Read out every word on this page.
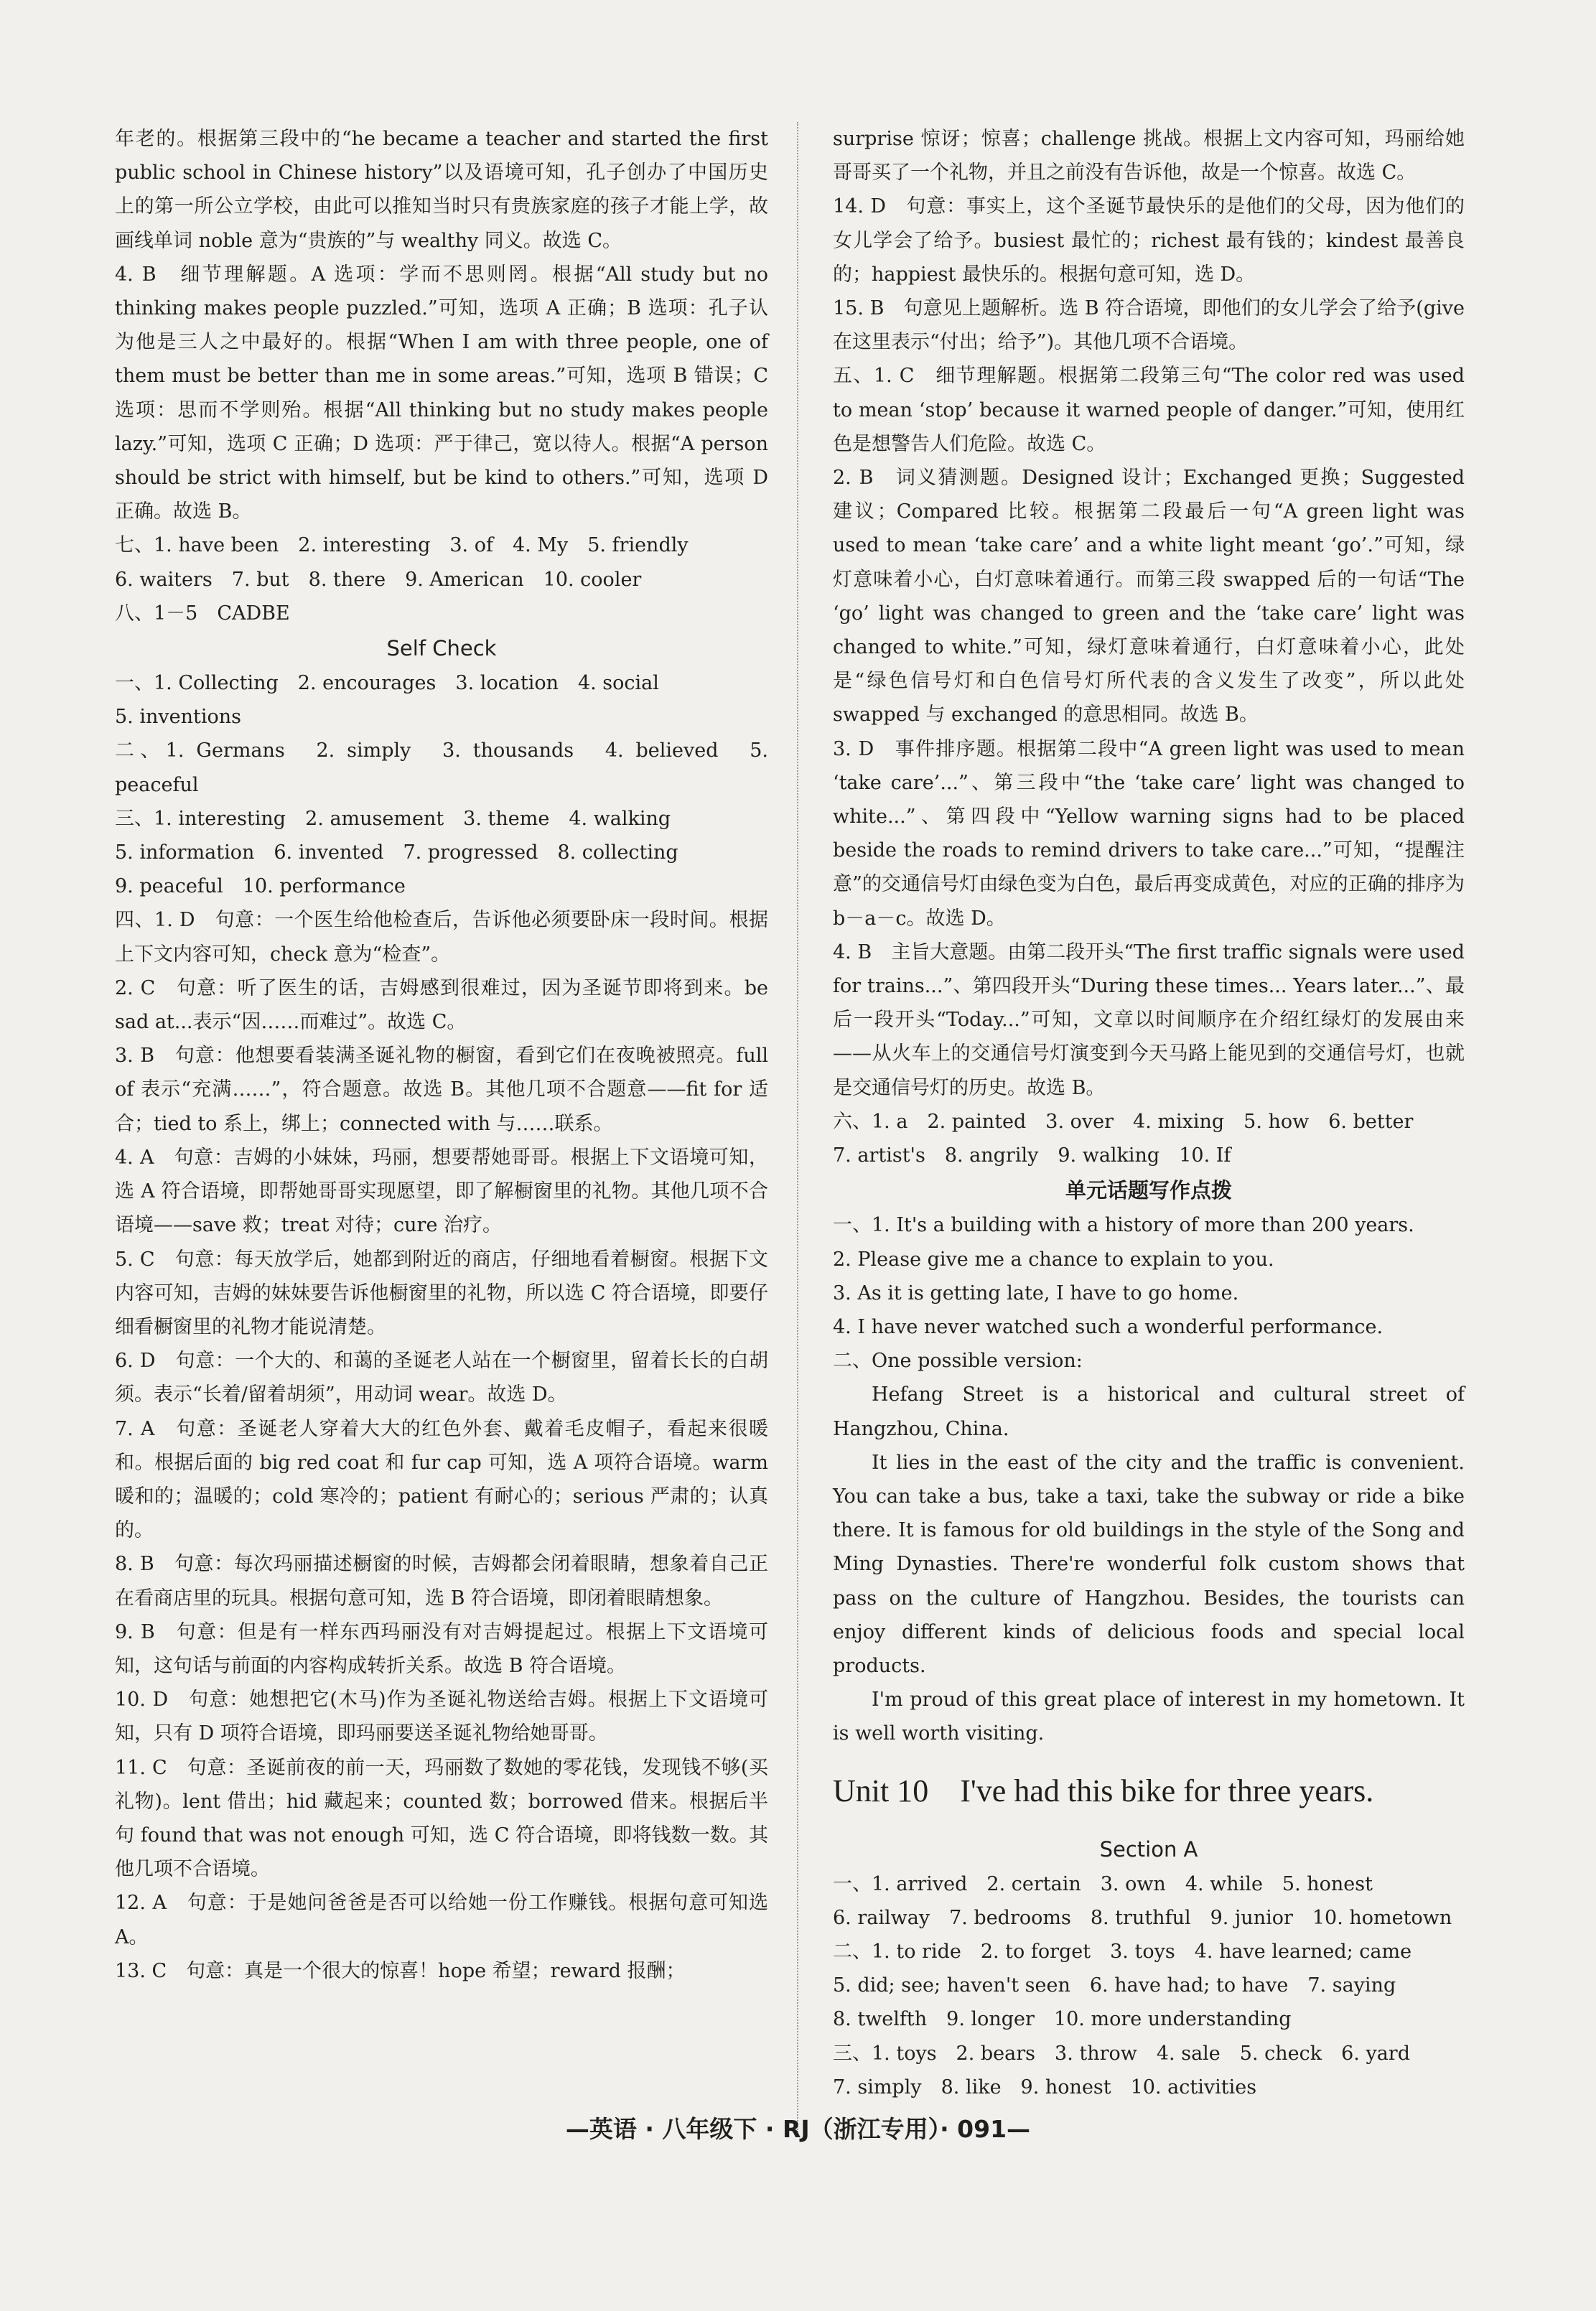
年老的。根据第三段中的“he became a teacher and started the first public school in Chinese history”以及语境可知，孔子创办了中国历史上的第一所公立学校，由此可以推知当时只有贵族家庭的孩子才能上学，故画线单词 noble 意为“贵族的”与 wealthy 同义。故选 C。

4. B　细节理解题。A 选项：学而不思则罔。根据“All study but no thinking makes people puzzled.”可知，选项 A 正确；B 选项：孔子认为他是三人之中最好的。根据“When I am with three people, one of them must be better than me in some areas.”可知，选项 B 错误；C 选项：思而不学则殆。根据“All thinking but no study makes people lazy.”可知，选项 C 正确；D 选项：严于律己，宽以待人。根据“A person should be strict with himself, but be kind to others.”可知，选项 D 正确。故选 B。

七、1. have been　2. interesting　3. of　4. My　5. friendly

6. waiters　7. but　8. there　9. American　10. cooler

八、1－5　CADBE

Self Check

一、1. Collecting　2. encourages　3. location　4. social

5. inventions

二、1. Germans　2. simply　3. thousands　4. believed　5. peaceful

三、1. interesting　2. amusement　3. theme　4. walking

5. information　6. invented　7. progressed　8. collecting

9. peaceful　10. performance

四、1. D　句意：一个医生给他检查后，告诉他必须要卧床一段时间。根据上下文内容可知，check 意为“检查”。

2. C　句意：听了医生的话，吉姆感到很难过，因为圣诞节即将到来。be sad at...表示“因……而难过”。故选 C。

3. B　句意：他想要看装满圣诞礼物的橱窗，看到它们在夜晚被照亮。full of 表示“充满……”，符合题意。故选 B。其他几项不合题意——fit for 适合；tied to 系上，绑上；connected with 与……联系。

4. A　句意：吉姆的小妹妹，玛丽，想要帮她哥哥。根据上下文语境可知，选 A 符合语境，即帮她哥哥实现愿望，即了解橱窗里的礼物。其他几项不合语境——save 救；treat 对待；cure 治疗。

5. C　句意：每天放学后，她都到附近的商店，仔细地看着橱窗。根据下文内容可知，吉姆的妹妹要告诉他橱窗里的礼物，所以选 C 符合语境，即要仔细看橱窗里的礼物才能说清楚。

6. D　句意：一个大的、和蔼的圣诞老人站在一个橱窗里，留着长长的白胡须。表示“长着/留着胡须”，用动词 wear。故选 D。

7. A　句意：圣诞老人穿着大大的红色外套、戴着毛皮帽子，看起来很暖和。根据后面的 big red coat 和 fur cap 可知，选 A 项符合语境。warm 暖和的；温暖的；cold 寒冷的；patient 有耐心的；serious 严肃的；认真的。

8. B　句意：每次玛丽描述橱窗的时候，吉姆都会闭着眼睛，想象着自己正在看商店里的玩具。根据句意可知，选 B 符合语境，即闭着眼睛想象。

9. B　句意：但是有一样东西玛丽没有对吉姆提起过。根据上下文语境可知，这句话与前面的内容构成转折关系。故选 B 符合语境。

10. D　句意：她想把它(木马)作为圣诞礼物送给吉姆。根据上下文语境可知，只有 D 项符合语境，即玛丽要送圣诞礼物给她哥哥。

11. C　句意：圣诞前夜的前一天，玛丽数了数她的零花钱，发现钱不够(买礼物)。lent 借出；hid 藏起来；counted 数；borrowed 借来。根据后半句 found that was not enough 可知，选 C 符合语境，即将钱数一数。其他几项不合语境。

12. A　句意：于是她问爸爸是否可以给她一份工作赚钱。根据句意可知选 A。

13. C　句意：真是一个很大的惊喜！hope 希望；reward 报酬；

surprise 惊讶；惊喜；challenge 挑战。根据上文内容可知，玛丽给她哥哥买了一个礼物，并且之前没有告诉他，故是一个惊喜。故选 C。

14. D　句意：事实上，这个圣诞节最快乐的是他们的父母，因为他们的女儿学会了给予。busiest 最忙的；richest 最有钱的；kindest 最善良的；happiest 最快乐的。根据句意可知，选 D。

15. B　句意见上题解析。选 B 符合语境，即他们的女儿学会了给予(give 在这里表示“付出；给予”)。其他几项不合语境。

五、1. C　细节理解题。根据第二段第三句“The color red was used to mean ‘stop’ because it warned people of danger.”可知，使用红色是想警告人们危险。故选 C。

2. B　词义猜测题。Designed 设计；Exchanged 更换；Suggested 建议；Compared 比较。根据第二段最后一句“A green light was used to mean ‘take care’ and a white light meant ‘go’.”可知，绿灯意味着小心，白灯意味着通行。而第三段 swapped 后的一句话“The ‘go’ light was changed to green and the ‘take care’ light was changed to white.”可知，绿灯意味着通行，白灯意味着小心，此处是“绿色信号灯和白色信号灯所代表的含义发生了改变”，所以此处 swapped 与 exchanged 的意思相同。故选 B。

3. D　事件排序题。根据第二段中“A green light was used to mean ‘take care’...”、第三段中“the ‘take care’ light was changed to white...”、第四段中“Yellow warning signs had to be placed beside the roads to remind drivers to take care...”可知，“提醒注意”的交通信号灯由绿色变为白色，最后再变成黄色，对应的正确的排序为 b－a－c。故选 D。

4. B　主旨大意题。由第二段开头“The first traffic signals were used for trains...”、第四段开头“During these times... Years later...”、最后一段开头“Today...”可知，文章以时间顺序在介绍红绿灯的发展由来——从火车上的交通信号灯演变到今天马路上能见到的交通信号灯，也就是交通信号灯的历史。故选 B。

六、1. a　2. painted　3. over　4. mixing　5. how　6. better

7. artist's　8. angrily　9. walking　10. If

单元话题写作点拨

一、1. It's a building with a history of more than 200 years.

2. Please give me a chance to explain to you.

3. As it is getting late, I have to go home.

4. I have never watched such a wonderful performance.

二、One possible version:

Hefang Street is a historical and cultural street of Hangzhou, China.

It lies in the east of the city and the traffic is convenient. You can take a bus, take a taxi, take the subway or ride a bike there. It is famous for old buildings in the style of the Song and Ming Dynasties. There're wonderful folk custom shows that pass on the culture of Hangzhou. Besides, the tourists can enjoy different kinds of delicious foods and special local products.

I'm proud of this great place of interest in my hometown. It is well worth visiting.

Unit 10　I've had this bike for three years.

Section A

一、1. arrived　2. certain　3. own　4. while　5. honest

6. railway　7. bedrooms　8. truthful　9. junior　10. hometown

二、1. to ride　2. to forget　3. toys　4. have learned; came

5. did; see; haven't seen　6. have had; to have　7. saying

8. twelfth　9. longer　10. more understanding

三、1. toys　2. bears　3. throw　4. sale　5. check　6. yard

7. simply　8. like　9. honest　10. activities

—英语 · 八年级下 · RJ（浙江专用）· 091—
